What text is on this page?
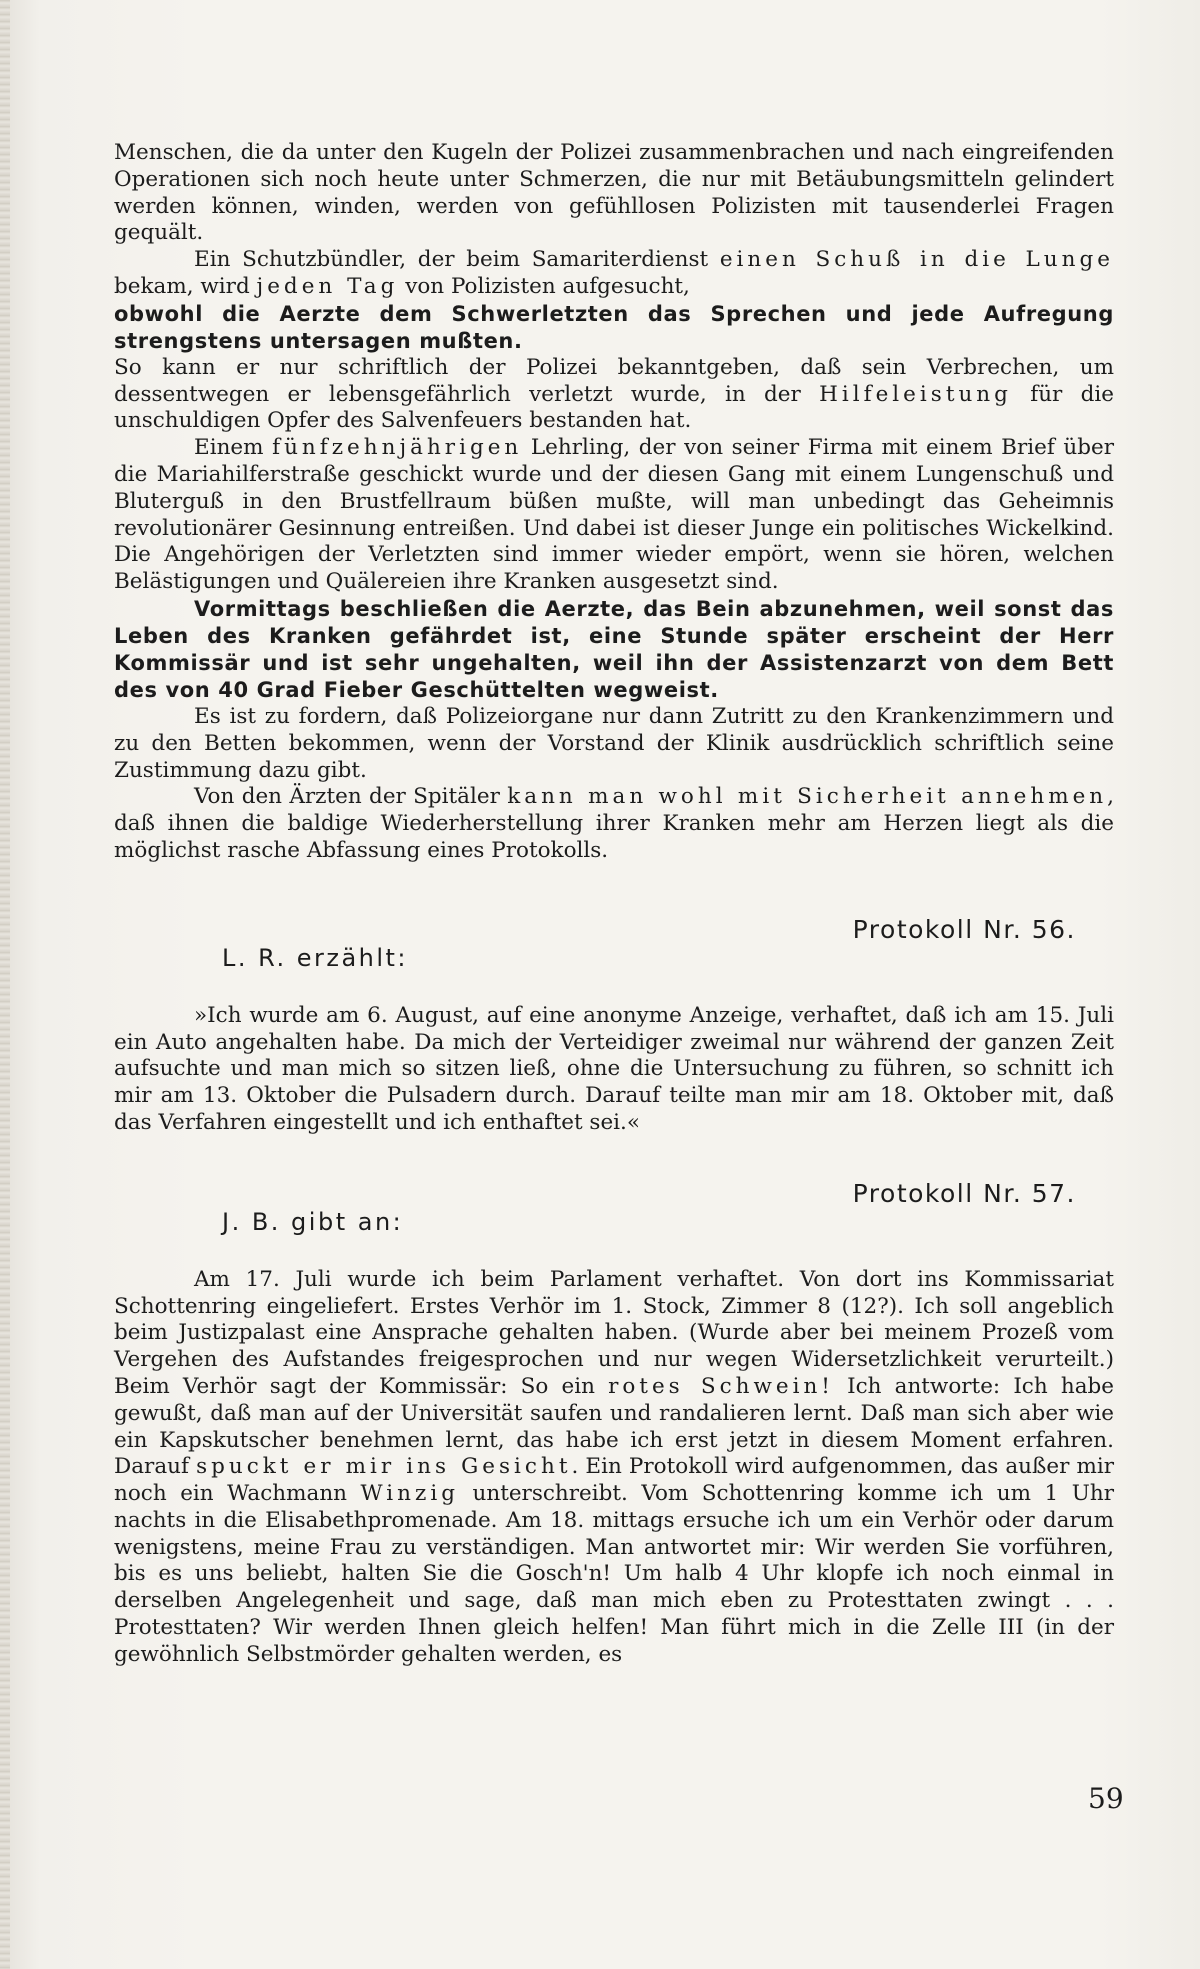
Menschen, die da unter den Kugeln der Polizei zusammenbrachen und nach eingreifenden Operationen sich noch heute unter Schmerzen, die nur mit Betäubungsmitteln gelindert werden können, winden, werden von gefühllosen Polizisten mit tausenderlei Fragen gequält.

Ein Schutzbündler, der beim Samariterdienst einen Schuß in die Lunge bekam, wird jeden Tag von Polizisten aufgesucht,

obwohl die Aerzte dem Schwerletzten das Sprechen und jede Aufregung strengstens untersagen mußten.

So kann er nur schriftlich der Polizei bekanntgeben, daß sein Verbrechen, um dessentwegen er lebensgefährlich verletzt wurde, in der Hilfeleistung für die unschuldigen Opfer des Salvenfeuers bestanden hat.

Einem fünfzehnjährigen Lehrling, der von seiner Firma mit einem Brief über die Mariahilferstraße geschickt wurde und der diesen Gang mit einem Lungenschuß und Bluterguß in den Brustfellraum büßen mußte, will man unbedingt das Geheimnis revolutionärer Gesinnung entreißen. Und dabei ist dieser Junge ein politisches Wickelkind. Die Angehörigen der Verletzten sind immer wieder empört, wenn sie hören, welchen Belästigungen und Quälereien ihre Kranken ausgesetzt sind.

Vormittags beschließen die Aerzte, das Bein abzunehmen, weil sonst das Leben des Kranken gefährdet ist, eine Stunde später erscheint der Herr Kommissär und ist sehr ungehalten, weil ihn der Assistenzarzt von dem Bett des von 40 Grad Fieber Geschüttelten wegweist.

Es ist zu fordern, daß Polizeiorgane nur dann Zutritt zu den Krankenzimmern und zu den Betten bekommen, wenn der Vorstand der Klinik ausdrücklich schriftlich seine Zustimmung dazu gibt.

Von den Ärzten der Spitäler kann man wohl mit Sicherheit annehmen, daß ihnen die baldige Wiederherstellung ihrer Kranken mehr am Herzen liegt als die möglichst rasche Abfassung eines Protokolls.

Protokoll Nr. 56.
L. R. erzählt:

»Ich wurde am 6. August, auf eine anonyme Anzeige, verhaftet, daß ich am 15. Juli ein Auto angehalten habe. Da mich der Verteidiger zweimal nur während der ganzen Zeit aufsuchte und man mich so sitzen ließ, ohne die Untersuchung zu führen, so schnitt ich mir am 13. Oktober die Pulsadern durch. Darauf teilte man mir am 18. Oktober mit, daß das Verfahren eingestellt und ich enthaftet sei.«

Protokoll Nr. 57.
J. B. gibt an:

Am 17. Juli wurde ich beim Parlament verhaftet. Von dort ins Kommissariat Schottenring eingeliefert. Erstes Verhör im 1. Stock, Zimmer 8 (12?). Ich soll angeblich beim Justizpalast eine Ansprache gehalten haben. (Wurde aber bei meinem Prozeß vom Vergehen des Aufstandes freigesprochen und nur wegen Widersetzlichkeit verurteilt.) Beim Verhör sagt der Kommissär: So ein rotes Schwein! Ich antworte: Ich habe gewußt, daß man auf der Universität saufen und randalieren lernt. Daß man sich aber wie ein Kapskutscher benehmen lernt, das habe ich erst jetzt in diesem Moment erfahren. Darauf spuckt er mir ins Gesicht. Ein Protokoll wird aufgenommen, das außer mir noch ein Wachmann Winzig unterschreibt. Vom Schottenring komme ich um 1 Uhr nachts in die Elisabethpromenade. Am 18. mittags ersuche ich um ein Verhör oder darum wenigstens, meine Frau zu verständigen. Man antwortet mir: Wir werden Sie vorführen, bis es uns beliebt, halten Sie die Gosch'n! Um halb 4 Uhr klopfe ich noch einmal in derselben Angelegenheit und sage, daß man mich eben zu Protesttaten zwingt . . . Protesttaten? Wir werden Ihnen gleich helfen! Man führt mich in die Zelle III (in der gewöhnlich Selbstmörder gehalten werden, es

59
